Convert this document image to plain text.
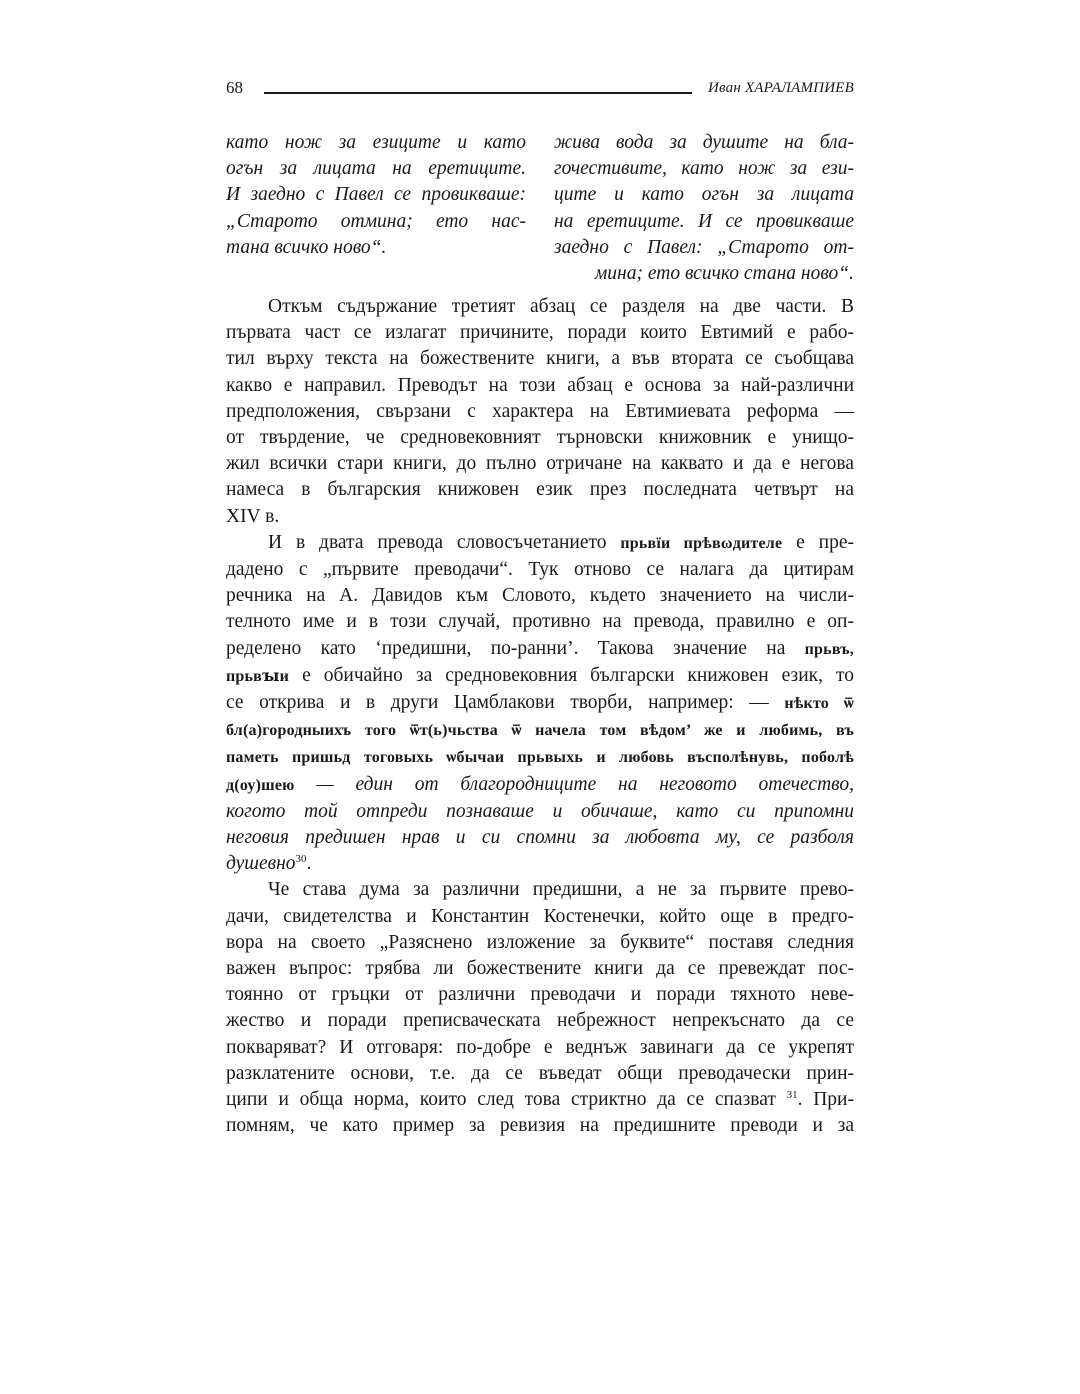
68	Иван ХАРАЛАМПИЕВ
като нож за езиците и като
огън за лицата на еретиците.
И заедно с Павел се провикваше:
„Старото отмина; ето нас-
тана всичко ново“.
жива вода за душите на бла-
гочестивите, като нож за ези-
ците и като огън за лицата
на еретиците. И се провикваше
заедно с Павел: „Старото от-
мина; ето всичко стана ново“.
Откъм съдържание третият абзац се разделя на две части. В
първата част се излагат причините, поради които Евтимий е рабо-
тил върху текста на божествените книги, а във втората се съобщава
какво е направил. Преводът на този абзац е основа за най-различни
предположения, свързани с характера на Евтимиевата реформа —
от твърдение, че средновековният търновски книжовник е унищо-
жил всички стари книги, до пълно отричане на каквато и да е негова
намеса в българския книжовен език през последната четвърт на
XIV в.
И в двата превода словосъчетанието прьвїи прѣвωдителе е пре-
дадено с „първите преводачи“. Тук отново се налага да цитирам
речника на А. Давидов към Словото, където значението на числи-
телното име и в този случай, противно на превода, правилно е оп-
ределено като ‘предишни, по-ранни’. Такова значение на прьвъ,
прьвꙑи е обичайно за средновековния български книжовен език, то
се открива и в други Цамблакови творби, например: — нѣкто ѿ
бл(а)городныихъ того ѿт(ь)чьства ѿ начела том вѣдом’ же и любимь, въ
паметь пришьд тоговыхь ѡбычаи прьвыхь и любовь въсполѣнувь, поболѣ
д(оу)шею — един от благородниците на неговото отечество,
когото той отпреди познаваше и обичаше, като си припомни
неговия предишен нрав и си спомни за любовта му, се разболя
душевно$^{30}$.
Че става дума за различни предишни, а не за първите прево-
дачи, свидетелства и Константин Костенечки, който още в предго-
вора на своето „Разяснено изложение за буквите“ поставя следния
важен въпрос: трябва ли божествените книги да се превеждат пос-
тоянно от гръцки от различни преводачи и поради тяхното неве-
жество и поради преписваческата небрежност непрекъснато да се
покваряват? И отговаря: по-добре е веднъж завинаги да се укрепят
разклатените основи, т.е. да се въведат общи преводачески прин-
ципи и обща норма, които след това стриктно да се спазват $^{31}$. При-
помням, че като пример за ревизия на предишните преводи и за
